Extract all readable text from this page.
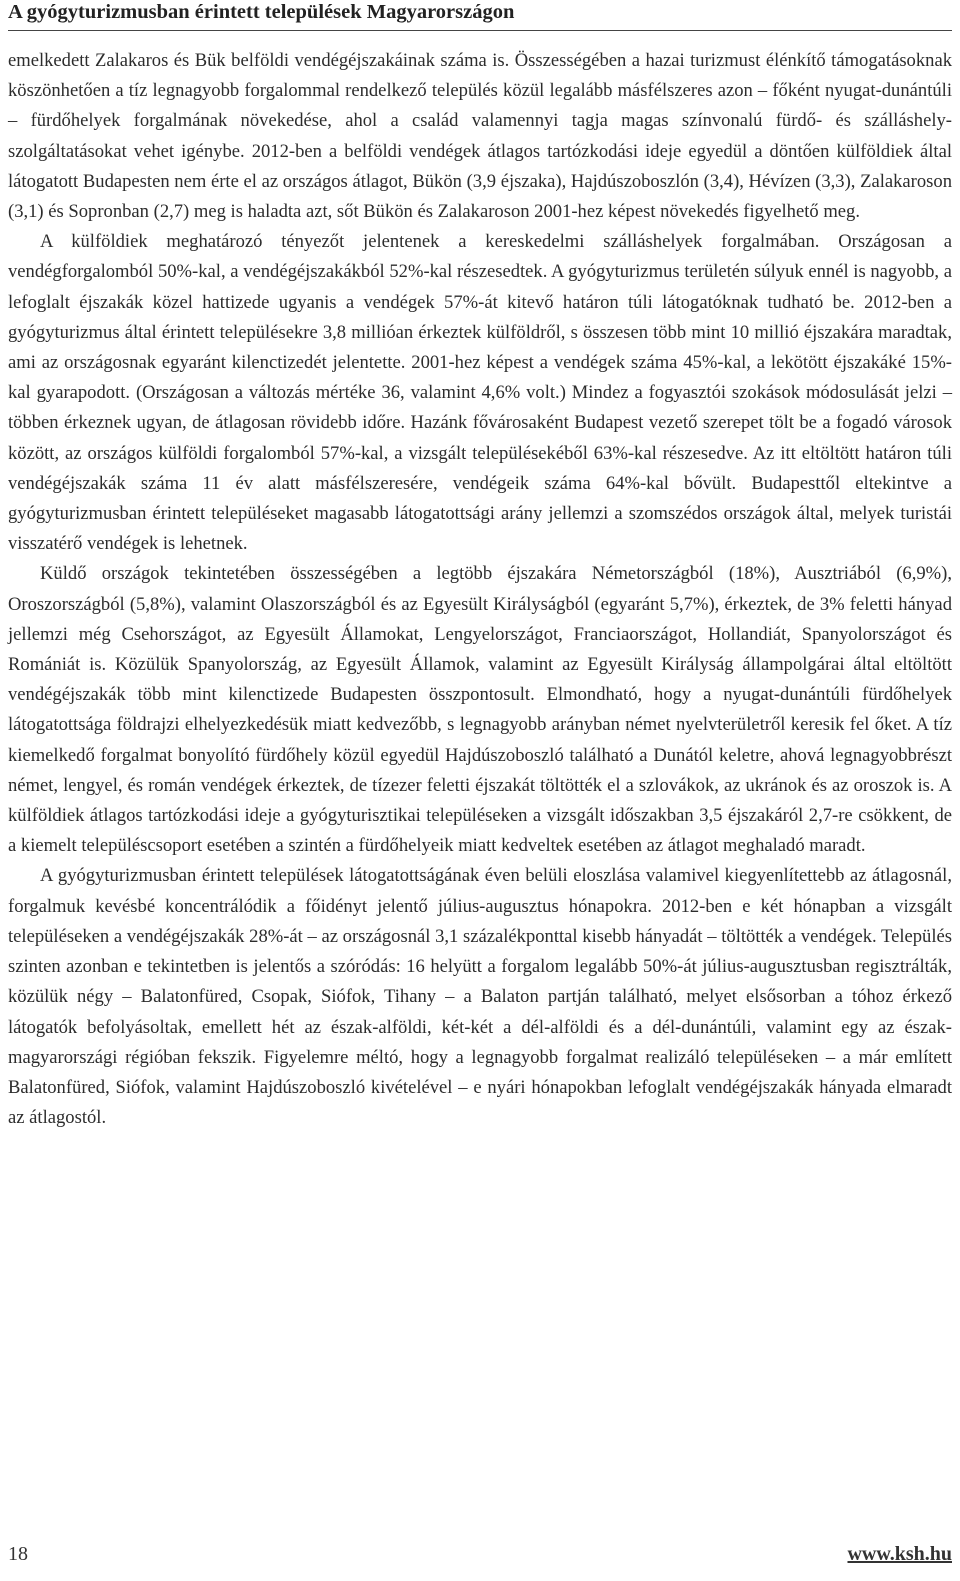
A gyógyturizmusban érintett települések Magyarországon

emelkedett Zalakaros és Bük belföldi vendégéjszakáinak száma is. Összességében a hazai turizmust élénkítő támogatásoknak köszönhetően a tíz legnagyobb forgalommal rendelkező település közül legalább másfélszeres azon – főként nyugat-dunántúli – fürdőhelyek forgalmának növekedése, ahol a család valamennyi tagja magas színvonalú fürdő- és szálláshely-szolgáltatásokat vehet igénybe. 2012-ben a belföldi vendégek átlagos tartózkodási ideje egyedül a döntően külföldiek által látogatott Budapesten nem érte el az országos átlagot, Bükön (3,9 éjszaka), Hajdúszoboszlón (3,4), Hévízen (3,3), Zalakaroson (3,1) és Sopronban (2,7) meg is haladta azt, sőt Bükön és Zalakaroson 2001-hez képest növekedés figyelhető meg.

A külföldiek meghatározó tényezőt jelentenek a kereskedelmi szálláshelyek forgalmában. Országosan a vendégforgalomból 50%-kal, a vendégéjszakákból 52%-kal részesedtek. A gyógyturizmus területén súlyuk ennél is nagyobb, a lefoglalt éjszakák közel hattizede ugyanis a vendégek 57%-át kitevő határon túli látogatóknak tudható be. 2012-ben a gyógyturizmus által érintett településekre 3,8 millióan érkeztek külföldről, s összesen több mint 10 millió éjszakára maradtak, ami az országosnak egyaránt kilenctizedét jelentette. 2001-hez képest a vendégek száma 45%-kal, a lekötött éjszakáké 15%-kal gyarapodott. (Országosan a változás mértéke 36, valamint 4,6% volt.) Mindez a fogyasztói szokások módosulását jelzi – többen érkeznek ugyan, de átlagosan rövidebb időre. Hazánk fővárosaként Budapest vezető szerepet tölt be a fogadó városok között, az országos külföldi forgalomból 57%-kal, a vizsgált településekéből 63%-kal részesedve. Az itt eltöltött határon túli vendégéjszakák száma 11 év alatt másfélszeresére, vendégeik száma 64%-kal bővült. Budapesttől eltekintve a gyógyturizmusban érintett településeket magasabb látogatottsági arány jellemzi a szomszédos országok által, melyek turistái visszatérő vendégek is lehetnek.

Küldő országok tekintetében összességében a legtöbb éjszakára Németországból (18%), Ausztriából (6,9%), Oroszországból (5,8%), valamint Olaszországból és az Egyesült Királyságból (egyaránt 5,7%), érkeztek, de 3% feletti hányad jellemzi még Csehországot, az Egyesült Államokat, Lengyelországot, Franciaországot, Hollandiát, Spanyolországot és Romániát is. Közülük Spanyolország, az Egyesült Államok, valamint az Egyesült Királyság állampolgárai által eltöltött vendégéjszakák több mint kilenctizede Budapesten összpontosult. Elmondható, hogy a nyugat-dunántúli fürdőhelyek látogatottsága földrajzi elhelyezkedésük miatt kedvezőbb, s legnagyobb arányban német nyelvterületről keresik fel őket. A tíz kiemelkedő forgalmat bonyolító fürdőhely közül egyedül Hajdúszoboszló található a Dunától keletre, ahová legnagyobbrészt német, lengyel, és román vendégek érkeztek, de tízezer feletti éjszakát töltötték el a szlovákok, az ukránok és az oroszok is. A külföldiek átlagos tartózkodási ideje a gyógyturisztikai településeken a vizsgált időszakban 3,5 éjszakáról 2,7-re csökkent, de a kiemelt településcsoport esetében a szintén a fürdőhelyeik miatt kedveltek esetében az átlagot meghaladó maradt.

A gyógyturizmusban érintett települések látogatottságának éven belüli eloszlása valamivel kiegyenlítettebb az átlagosnál, forgalmuk kevésbé koncentrálódik a főidényt jelentő július-augusztus hónapokra. 2012-ben e két hónapban a vizsgált településeken a vendégéjszakák 28%-át – az országosnál 3,1 százalékponttal kisebb hányadát – töltötték a vendégek. Település szinten azonban e tekintetben is jelentős a szóródás: 16 helyütt a forgalom legalább 50%-át július-augusztusban regisztrálták, közülük négy – Balatonfüred, Csopak, Siófok, Tihany – a Balaton partján található, melyet elsősorban a tóhoz érkező látogatók befolyásoltak, emellett hét az észak-alföldi, két-két a dél-alföldi és a dél-dunántúli, valamint egy az észak-magyarországi régióban fekszik. Figyelemre méltó, hogy a legnagyobb forgalmat realizáló településeken – a már említett Balatonfüred, Siófok, valamint Hajdúszoboszló kivételével – e nyári hónapokban lefoglalt vendégéjszakák hányada elmaradt az átlagostól.

18	www.ksh.hu
